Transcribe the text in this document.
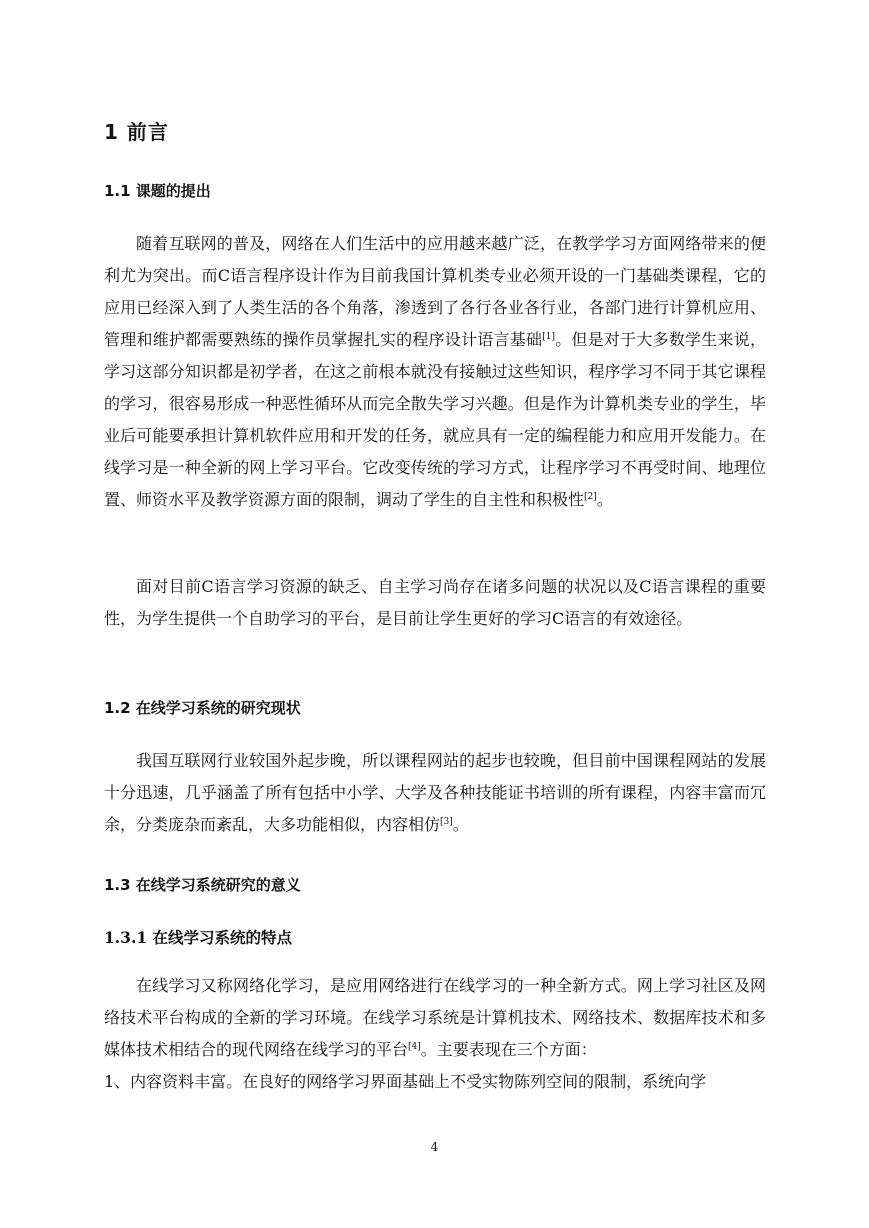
1 前言
1.1 课题的提出

随着互联网的普及，网络在人们生活中的应用越来越广泛，在教学学习方面网络带来的便利尤为突出。而C语言程序设计作为目前我国计算机类专业必须开设的一门基础类课程，它的应用已经深入到了人类生活的各个角落，渗透到了各行各业各行业，各部门进行计算机应用、管理和维护都需要熟练的操作员掌握扎实的程序设计语言基础[1]。但是对于大多数学生来说，学习这部分知识都是初学者，在这之前根本就没有接触过这些知识，程序学习不同于其它课程的学习，很容易形成一种恶性循环从而完全散失学习兴趣。但是作为计算机类专业的学生，毕业后可能要承担计算机软件应用和开发的任务，就应具有一定的编程能力和应用开发能力。在线学习是一种全新的网上学习平台。它改变传统的学习方式，让程序学习不再受时间、地理位置、师资水平及教学资源方面的限制，调动了学生的自主性和积极性[2]。

面对目前C语言学习资源的缺乏、自主学习尚存在诸多问题的状况以及C语言课程的重要性，为学生提供一个自助学习的平台，是目前让学生更好的学习C语言的有效途径。

1.2 在线学习系统的研究现状

我国互联网行业较国外起步晚，所以课程网站的起步也较晚，但目前中国课程网站的发展十分迅速，几乎涵盖了所有包括中小学、大学及各种技能证书培训的所有课程，内容丰富而冗余，分类庞杂而紊乱，大多功能相似，内容相仿[3]。

1.3 在线学习系统研究的意义
1.3.1 在线学习系统的特点

在线学习又称网络化学习，是应用网络进行在线学习的一种全新方式。网上学习社区及网络技术平台构成的全新的学习环境。在线学习系统是计算机技术、网络技术、数据库技术和多媒体技术相结合的现代网络在线学习的平台[4]。主要表现在三个方面：

1、内容资料丰富。在良好的网络学习界面基础上不受实物陈列空间的限制，系统向学

4
